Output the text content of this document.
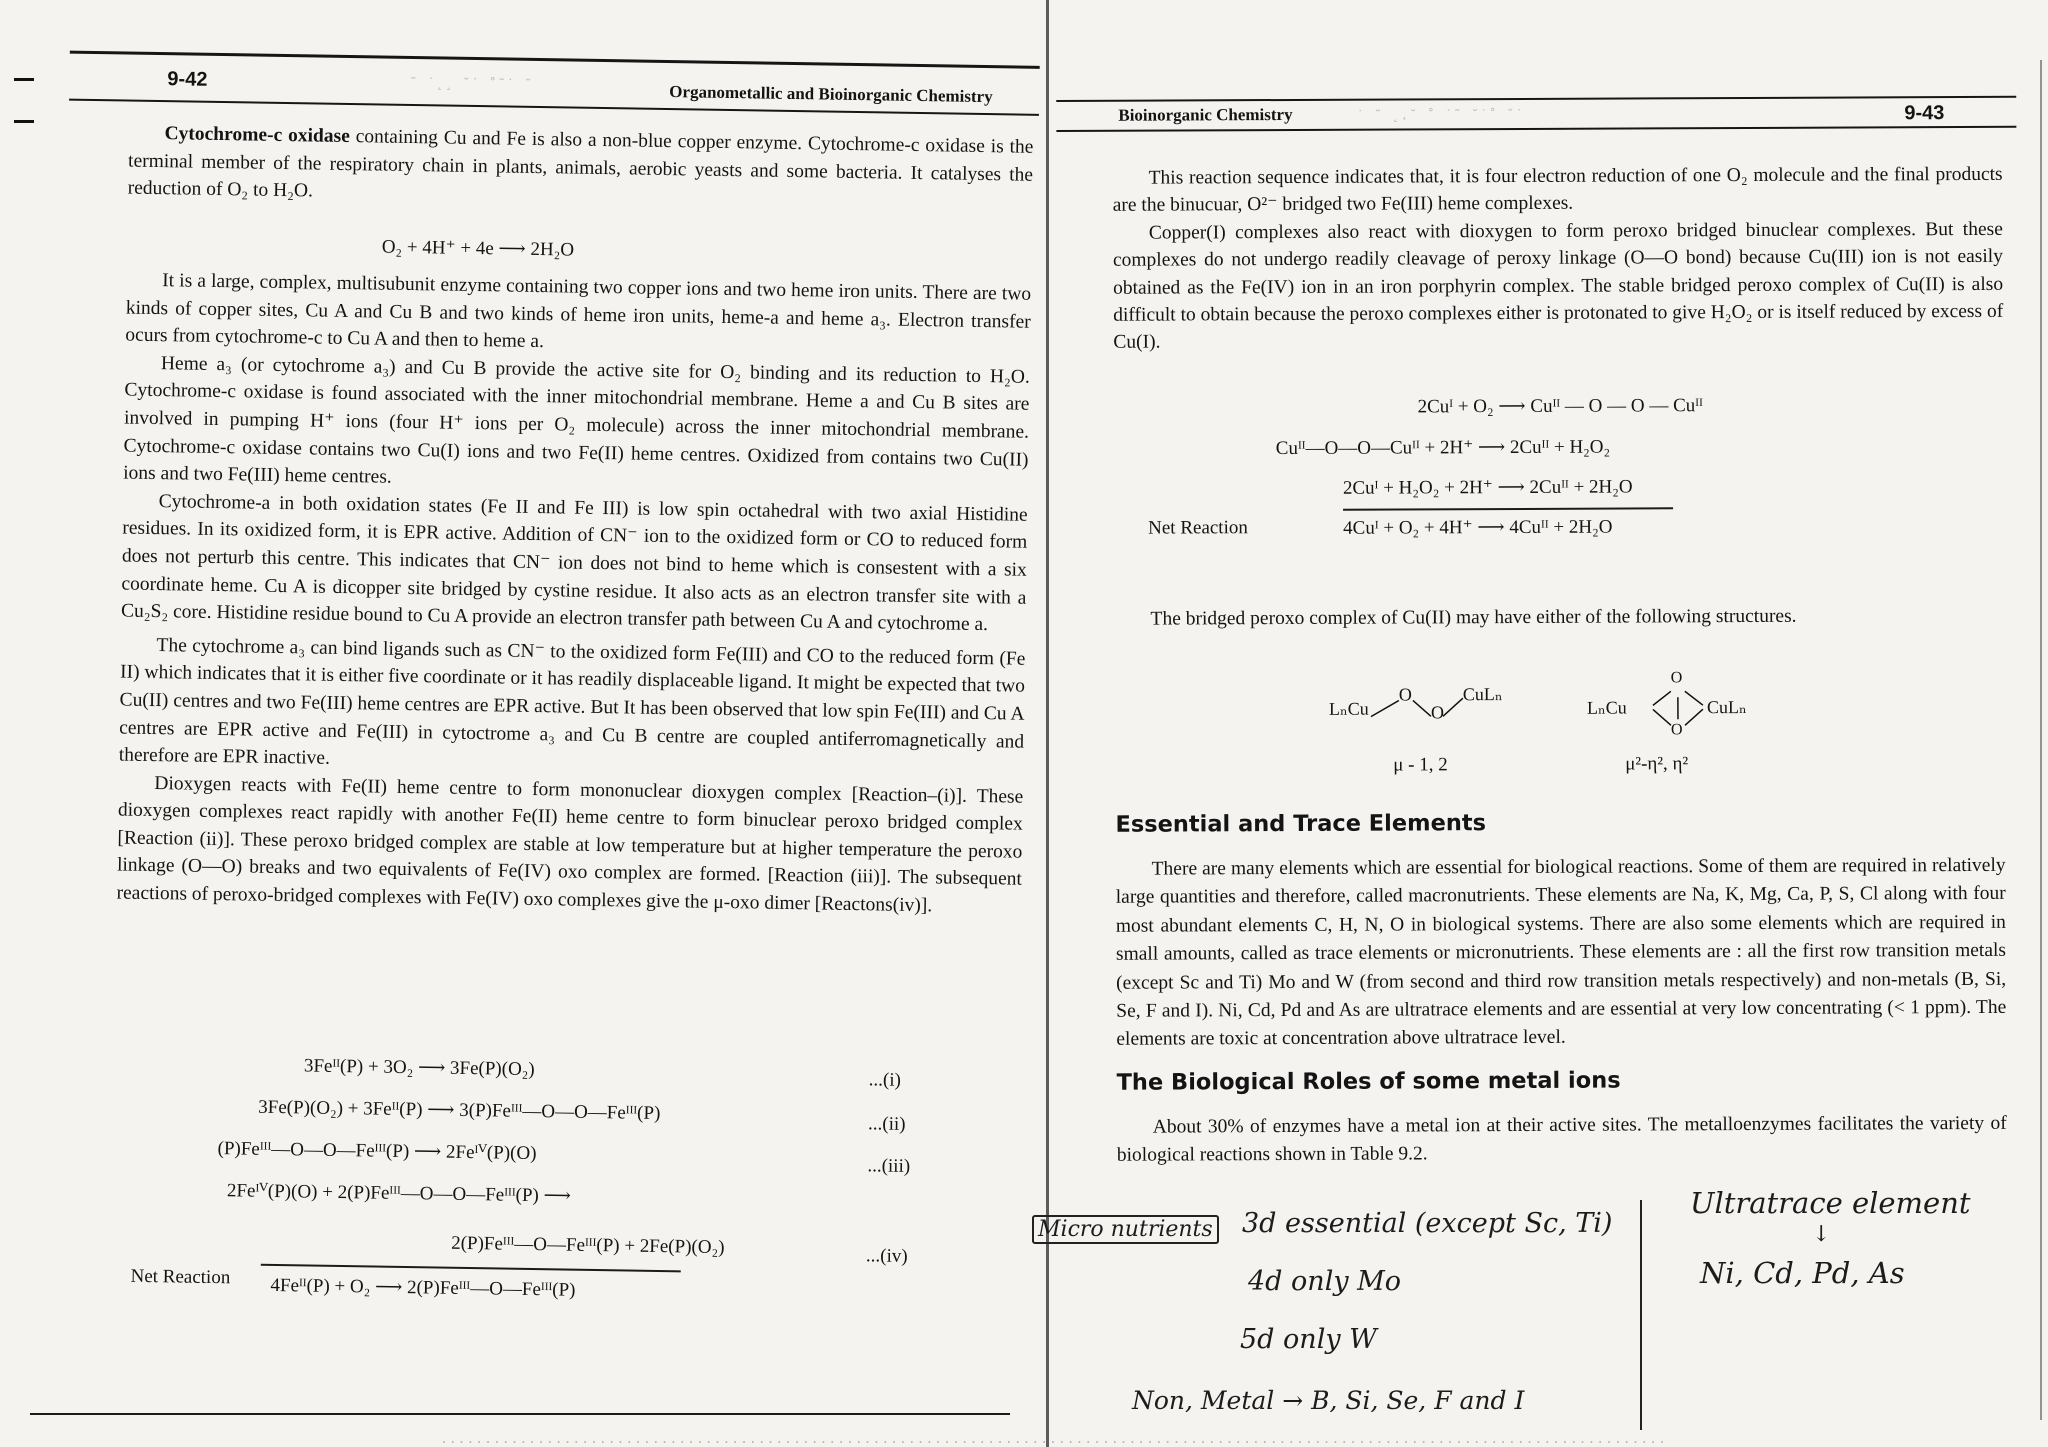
9-42	˜ ˙˛¸ ˘˙ ˚˜˙ ˘	Organometallic and Bioinorganic Chemistry

Cytochrome-c oxidase containing Cu and Fe is also a non-blue copper enzyme. Cytochrome-c oxidase is the terminal member of the respiratory chain in plants, animals, aerobic yeasts and some bacteria. It catalyses the reduction of O₂ to H₂O.

O₂ + 4H⁺ + 4e ⟶ 2H₂O

It is a large, complex, multisubunit enzyme containing two copper ions and two heme iron units. There are two kinds of copper sites, Cu A and Cu B and two kinds of heme iron units, heme-a and heme a₃. Electron transfer ocurs from cytochrome-c to Cu A and then to heme a.

Heme a₃ (or cytochrome a₃) and Cu B provide the active site for O₂ binding and its reduction to H₂O. Cytochrome-c oxidase is found associated with the inner mitochondrial membrane. Heme a and Cu B sites are involved in pumping H⁺ ions (four H⁺ ions per O₂ molecule) across the inner mitochondrial membrane. Cytochrome-c oxidase contains two Cu(I) ions and two Fe(II) heme centres. Oxidized from contains two Cu(II) ions and two Fe(III) heme centres.

Cytochrome-a in both oxidation states (Fe II and Fe III) is low spin octahedral with two axial Histidine residues. In its oxidized form, it is EPR active. Addition of CN⁻ ion to the oxidized form or CO to reduced form does not perturb this centre. This indicates that CN⁻ ion does not bind to heme which is consestent with a six coordinate heme. Cu A is dicopper site bridged by cystine residue. It also acts as an electron transfer site with a Cu₂S₂ core. Histidine residue bound to Cu A provide an electron transfer path between Cu A and cytochrome a.

The cytochrome a₃ can bind ligands such as CN⁻ to the oxidized form Fe(III) and CO to the reduced form (Fe II) which indicates that it is either five coordinate or it has readily displaceable ligand. It might be expected that two Cu(II) centres and two Fe(III) heme centres are EPR active. But It has been observed that low spin Fe(III) and Cu A centres are EPR active and Fe(III) in cytoctrome a₃ and Cu B centre are coupled antiferromagnetically and therefore are EPR inactive.

Dioxygen reacts with Fe(II) heme centre to form mononuclear dioxygen complex [Reaction–(i)]. These dioxygen complexes react rapidly with another Fe(II) heme centre to form binuclear peroxo bridged complex [Reaction (ii)]. These peroxo bridged complex are stable at low temperature but at higher temperature the peroxo linkage (O—O) breaks and two equivalents of Fe(IV) oxo complex are formed. [Reaction (iii)]. The subsequent reactions of peroxo-bridged complexes with Fe(IV) oxo complexes give the μ-oxo dimer [Reactons(iv)].

3Feᴵᴵ(P) + 3O₂ ⟶ 3Fe(P)(O₂)
...(i)
3Fe(P)(O₂) + 3Feᴵᴵ(P) ⟶ 3(P)Feᴵᴵᴵ—O—O—Feᴵᴵᴵ(P)
...(ii)
(P)Feᴵᴵᴵ—O—O—Feᴵᴵᴵ(P) ⟶ 2Feᴵⱽ(P)(O)
...(iii)
2Feᴵⱽ(P)(O) + 2(P)Feᴵᴵᴵ—O—O—Feᴵᴵᴵ(P) ⟶
2(P)Feᴵᴵᴵ—O—Feᴵᴵᴵ(P) + 2Fe(P)(O₂)	...(iv)
Net Reaction 4Feᴵᴵ(P) + O₂ ⟶ 2(P)Feᴵᴵᴵ—O—Feᴵᴵᴵ(P)
Bioinorganic Chemistry	˙ ˜ ˛.˘ ˚ ˙˜ ˘˙˚ ˘˙	9-43

This reaction sequence indicates that, it is four electron reduction of one O₂ molecule and the final products are the binucuar, O²⁻ bridged two Fe(III) heme complexes.

Copper(I) complexes also react with dioxygen to form peroxo bridged binuclear complexes. But these complexes do not undergo readily cleavage of peroxy linkage (O—O bond) because Cu(III) ion is not easily obtained as the Fe(IV) ion in an iron porphyrin complex. The stable bridged peroxo complex of Cu(II) is also difficult to obtain because the peroxo complexes either is protonated to give H₂O₂ or is itself reduced by excess of Cu(I).

2Cuᴵ + O₂ ⟶ Cuᴵᴵ — O — O — Cuᴵᴵ
Cuᴵᴵ—O—O—Cuᴵᴵ + 2H⁺ ⟶ 2Cuᴵᴵ + H₂O₂
2Cuᴵ + H₂O₂ + 2H⁺ ⟶ 2Cuᴵᴵ + 2H₂O
Net Reaction	4Cuᴵ + O₂ + 4H⁺ ⟶ 4Cuᴵᴵ + 2H₂O

The bridged peroxo complex of Cu(II) may have either of the following structures.

LₙCu
O
O
CuLₙ
μ - 1, 2
LₙCu
O
O
CuLₙ
μ²-η², η²
Essential and Trace Elements

There are many elements which are essential for biological reactions. Some of them are required in relatively large quantities and therefore, called macronutrients. These elements are Na, K, Mg, Ca, P, S, Cl along with four most abundant elements C, H, N, O in biological systems. There are also some elements which are required in small amounts, called as trace elements or micronutrients. These elements are : all the first row transition metals (except Sc and Ti) Mo and W (from second and third row transition metals respectively) and non-metals (B, Si, Se, F and I). Ni, Cd, Pd and As are ultratrace elements and are essential at very low concentrating (< 1 ppm). The elements are toxic at concentration above ultratrace level.

The Biological Roles of some metal ions

About 30% of enzymes have a metal ion at their active sites. The metalloenzymes facilitates the variety of biological reactions shown in Table 9.2.

Micro nutrients 3d essential (except Sc, Ti)
4d only Mo
5d only W
Non, Metal → B, Si, Se, F and I
Ultratrace element
↓
Ni, Cd, Pd, As
...........................................................................................................................................
